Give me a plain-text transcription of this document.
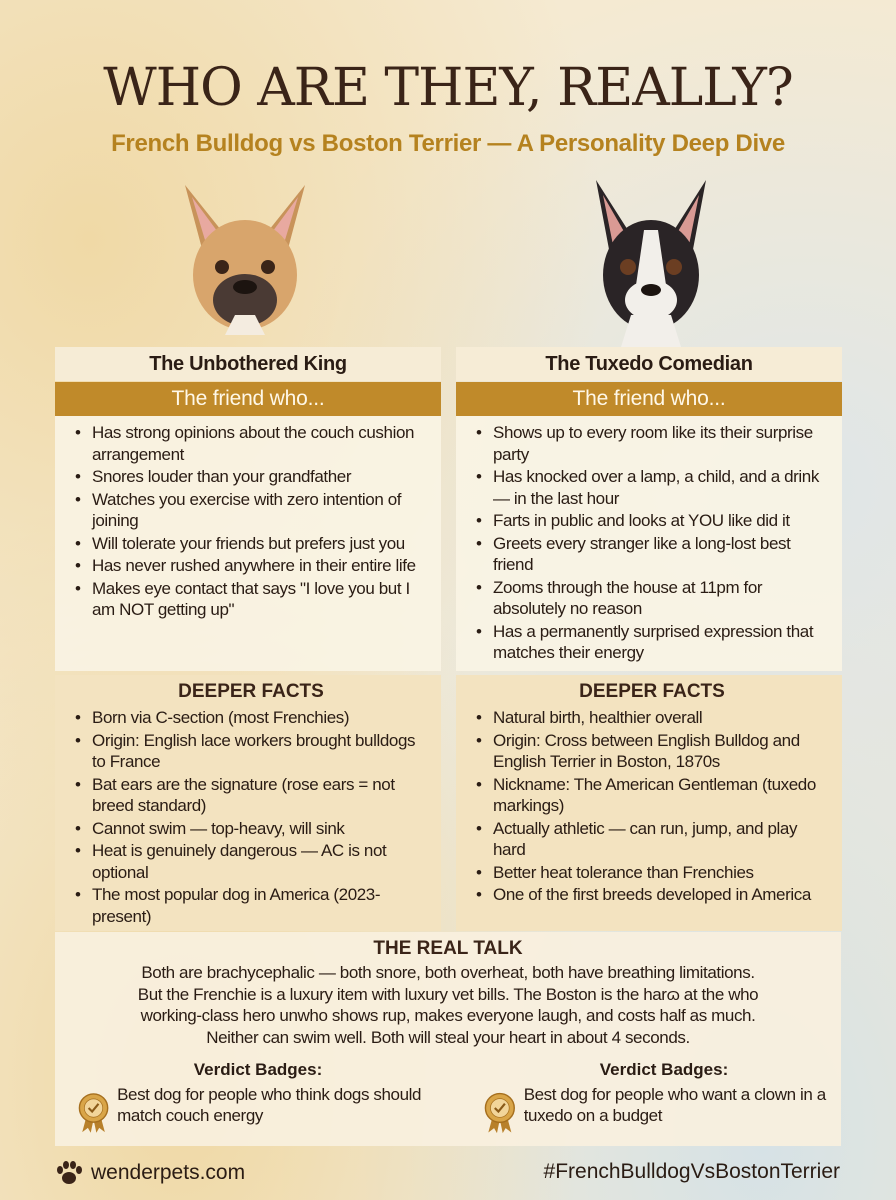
WHO ARE THEY, REALLY?
French Bulldog vs Boston Terrier — A Personality Deep Dive
The Unbothered King
The friend who...
• Has strong opinions about the couch cushion arrangement
• Snores louder than your grandfather
• Watches you exercise with zero intention of joining
• Will tolerate your friends but prefers just you
• Has never rushed anywhere in their entire life
• Makes eye contact that says "I love you but I am NOT getting up"
DEEPER FACTS
• Born via C-section (most Frenchies)
• Origin: English lace workers brought bulldogs to France
• Bat ears are the signature (rose ears = not breed standard)
• Cannot swim — top-heavy, will sink
• Heat is genuinely dangerous — AC is not optional
• The most popular dog in America (2023-present)
The Tuxedo Comedian
The friend who...
• Shows up to every room like its their surprise party
• Has knocked over a lamp, a child, and a drink — in the last hour
• Farts in public and looks at YOU like did it
• Greets every stranger like a long-lost best friend
• Zooms through the house at 11pm for absolutely no reason
• Has a permanently surprised expression that matches their energy
DEEPER FACTS
• Natural birth, healthier overall
• Origin: Cross between English Bulldog and English Terrier in Boston, 1870s
• Nickname: The American Gentleman (tuxedo markings)
• Actually athletic — can run, jump, and play hard
• Better heat tolerance than Frenchies
• One of the first breeds developed in America
THE REAL TALK

Both are brachycephalic — both snore, both overheat, both have breathing limitations.
But the Frenchie is a luxury item with luxury vet bills. The Boston is the harɷ at the who
working-class hero unwho shows rup, makes everyone laugh, and costs half as much.
Neither can swim well. Both will steal your heart in about 4 seconds.

Verdict Badges:
Best dog for people who think dogs should match couch energy
Verdict Badges:
Best dog for people who want a clown in a tuxedo on a budget
wenderpets.com	#FrenchBulldogVsBostonTerrier
